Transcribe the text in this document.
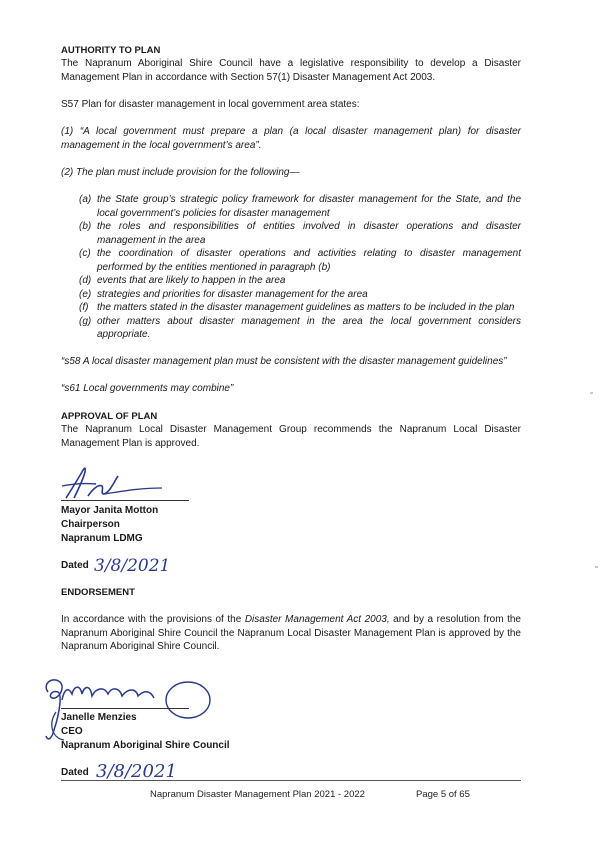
AUTHORITY TO PLAN

The Napranum Aboriginal Shire Council have a legislative responsibility to develop a Disaster Management Plan in accordance with Section 57(1) Disaster Management Act 2003.

S57 Plan for disaster management in local government area states:

(1) “A local government must prepare a plan (a local disaster management plan) for disaster management in the local government’s area”.

(2) The plan must include provision for the following—

(a) the State group’s strategic policy framework for disaster management for the State, and the local government’s policies for disaster management
(b) the roles and responsibilities of entities involved in disaster operations and disaster management in the area
(c) the coordination of disaster operations and activities relating to disaster management performed by the entities mentioned in paragraph (b)
(d) events that are likely to happen in the area
(e) strategies and priorities for disaster management for the area
(f) the matters stated in the disaster management guidelines as matters to be included in the plan
(g) other matters about disaster management in the area the local government considers appropriate.

“s58 A local disaster management plan must be consistent with the disaster management guidelines”

“s61 Local governments may combine”

APPROVAL OF PLAN

The Napranum Local Disaster Management Group recommends the Napranum Local Disaster Management Plan is approved.

Mayor Janita Motton

Chairperson

Napranum LDMG

Dated 3/8/2021

ENDORSEMENT

In accordance with the provisions of the Disaster Management Act 2003, and by a resolution from the Napranum Aboriginal Shire Council the Napranum Local Disaster Management Plan is approved by the Napranum Aboriginal Shire Council.

Janelle Menzies

CEO

Napranum Aboriginal Shire Council

Dated 3/8/2021
Napranum Disaster Management Plan 2021 - 2022	Page 5 of 65
